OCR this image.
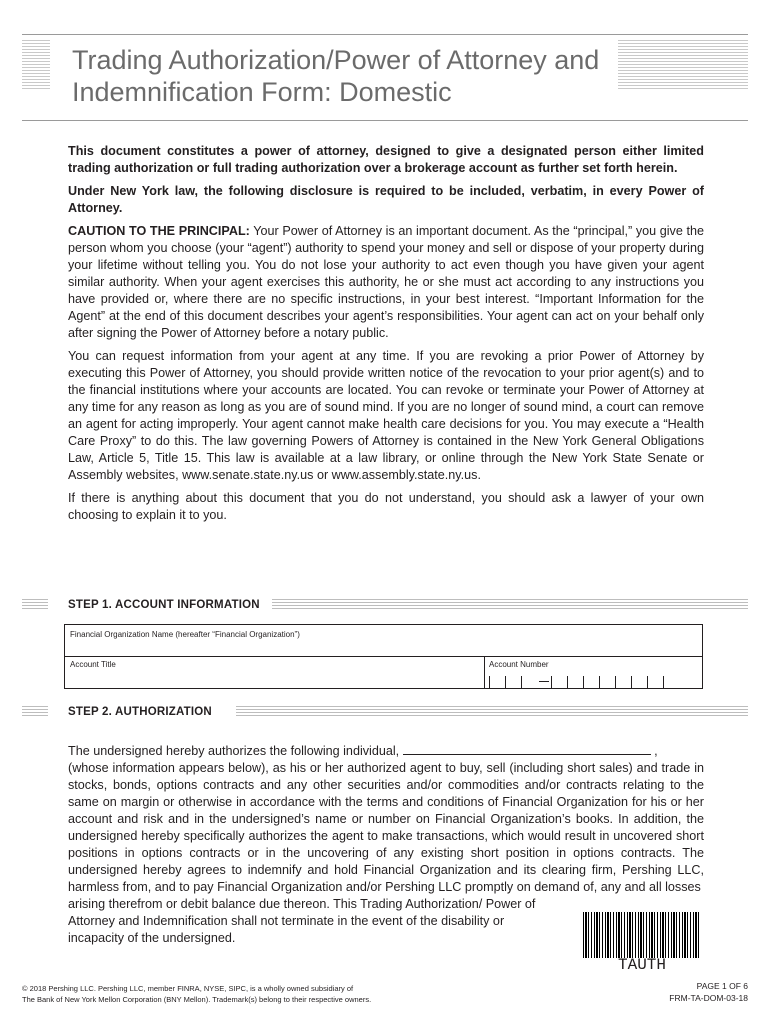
Trading Authorization/Power of Attorney and
Indemnification Form: Domestic

This document constitutes a power of attorney, designed to give a designated person either limited trading authorization or full trading authorization over a brokerage account as further set forth herein.

Under New York law, the following disclosure is required to be included, verbatim, in every Power of Attorney.

CAUTION TO THE PRINCIPAL: Your Power of Attorney is an important document. As the “principal,” you give the person whom you choose (your “agent”) authority to spend your money and sell or dispose of your property during your lifetime without telling you. You do not lose your authority to act even though you have given your agent similar authority. When your agent exercises this authority, he or she must act according to any instructions you have provided or, where there are no specific instructions, in your best interest. “Important Information for the Agent” at the end of this document describes your agent’s responsibilities. Your agent can act on your behalf only after signing the Power of Attorney before a notary public.

You can request information from your agent at any time. If you are revoking a prior Power of Attorney by executing this Power of Attorney, you should provide written notice of the revocation to your prior agent(s) and to the financial institutions where your accounts are located. You can revoke or terminate your Power of Attorney at any time for any reason as long as you are of sound mind. If you are no longer of sound mind, a court can remove an agent for acting improperly. Your agent cannot make health care decisions for you. You may execute a “Health Care Proxy” to do this. The law governing Powers of Attorney is contained in the New York General Obligations Law, Article 5, Title 15. This law is available at a law library, or online through the New York State Senate or Assembly websites, www.senate.state.ny.us or www.assembly.state.ny.us.

If there is anything about this document that you do not understand, you should ask a lawyer of your own choosing to explain it to you.

STEP 1. ACCOUNT INFORMATION
Financial Organization Name (hereafter “Financial Organization”)
Account Title	Account Number
STEP 2. AUTHORIZATION

The undersigned hereby authorizes the following individual,	,

(whose information appears below), as his or her authorized agent to buy, sell (including short sales) and trade in stocks, bonds, options contracts and any other securities and/or commodities and/or contracts relating to the same on margin or otherwise in accordance with the terms and conditions of Financial Organization for his or her account and risk and in the undersigned’s name or number on Financial Organization’s books. In addition, the undersigned hereby specifically authorizes the agent to make transactions, which would result in uncovered short positions in options contracts or in the uncovering of any existing short position in options contracts. The undersigned hereby agrees to indemnify and hold Financial Organization and its clearing firm, Pershing LLC, harmless from, and to pay Financial Organization and/or Pershing LLC promptly on demand of, any and all losses

arising therefrom or debit balance due thereon. This Trading Authorization/ Power of Attorney and Indemnification shall not terminate in the event of the disability or incapacity of the undersigned.

TAUTH
© 2018 Pershing LLC. Pershing LLC, member FINRA, NYSE, SIPC, is a wholly owned subsidiary of
The Bank of New York Mellon Corporation (BNY Mellon). Trademark(s) belong to their respective owners.
PAGE 1 OF 6
FRM-TA-DOM-03-18
